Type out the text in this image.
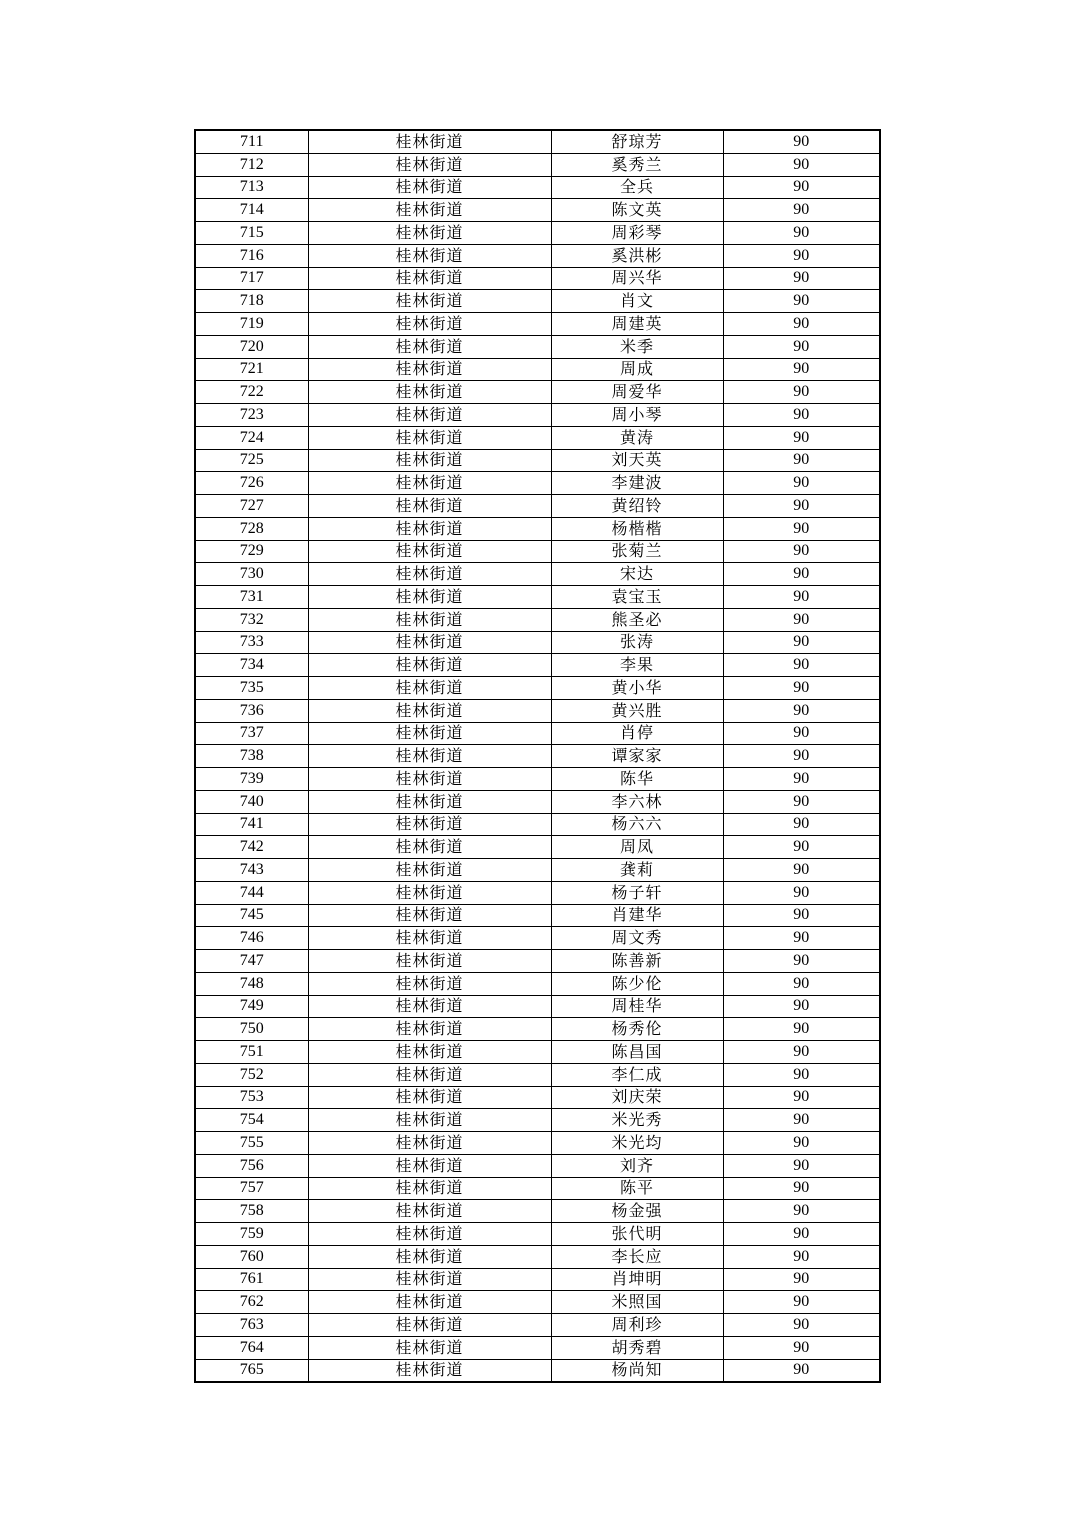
711	桂林街道	舒琼芳	90
712	桂林街道	奚秀兰	90
713	桂林街道	全兵	90
714	桂林街道	陈文英	90
715	桂林街道	周彩琴	90
716	桂林街道	奚洪彬	90
717	桂林街道	周兴华	90
718	桂林街道	肖文	90
719	桂林街道	周建英	90
720	桂林街道	米季	90
721	桂林街道	周成	90
722	桂林街道	周爱华	90
723	桂林街道	周小琴	90
724	桂林街道	黄涛	90
725	桂林街道	刘天英	90
726	桂林街道	李建波	90
727	桂林街道	黄绍铃	90
728	桂林街道	杨楷楷	90
729	桂林街道	张菊兰	90
730	桂林街道	宋达	90
731	桂林街道	袁宝玉	90
732	桂林街道	熊圣必	90
733	桂林街道	张涛	90
734	桂林街道	李果	90
735	桂林街道	黄小华	90
736	桂林街道	黄兴胜	90
737	桂林街道	肖停	90
738	桂林街道	谭家家	90
739	桂林街道	陈华	90
740	桂林街道	李六林	90
741	桂林街道	杨六六	90
742	桂林街道	周凤	90
743	桂林街道	龚莉	90
744	桂林街道	杨子轩	90
745	桂林街道	肖建华	90
746	桂林街道	周文秀	90
747	桂林街道	陈善新	90
748	桂林街道	陈少伦	90
749	桂林街道	周桂华	90
750	桂林街道	杨秀伦	90
751	桂林街道	陈昌国	90
752	桂林街道	李仁成	90
753	桂林街道	刘庆荣	90
754	桂林街道	米光秀	90
755	桂林街道	米光均	90
756	桂林街道	刘齐	90
757	桂林街道	陈平	90
758	桂林街道	杨金强	90
759	桂林街道	张代明	90
760	桂林街道	李长应	90
761	桂林街道	肖坤明	90
762	桂林街道	米照国	90
763	桂林街道	周利珍	90
764	桂林街道	胡秀碧	90
765	桂林街道	杨尚知	90
